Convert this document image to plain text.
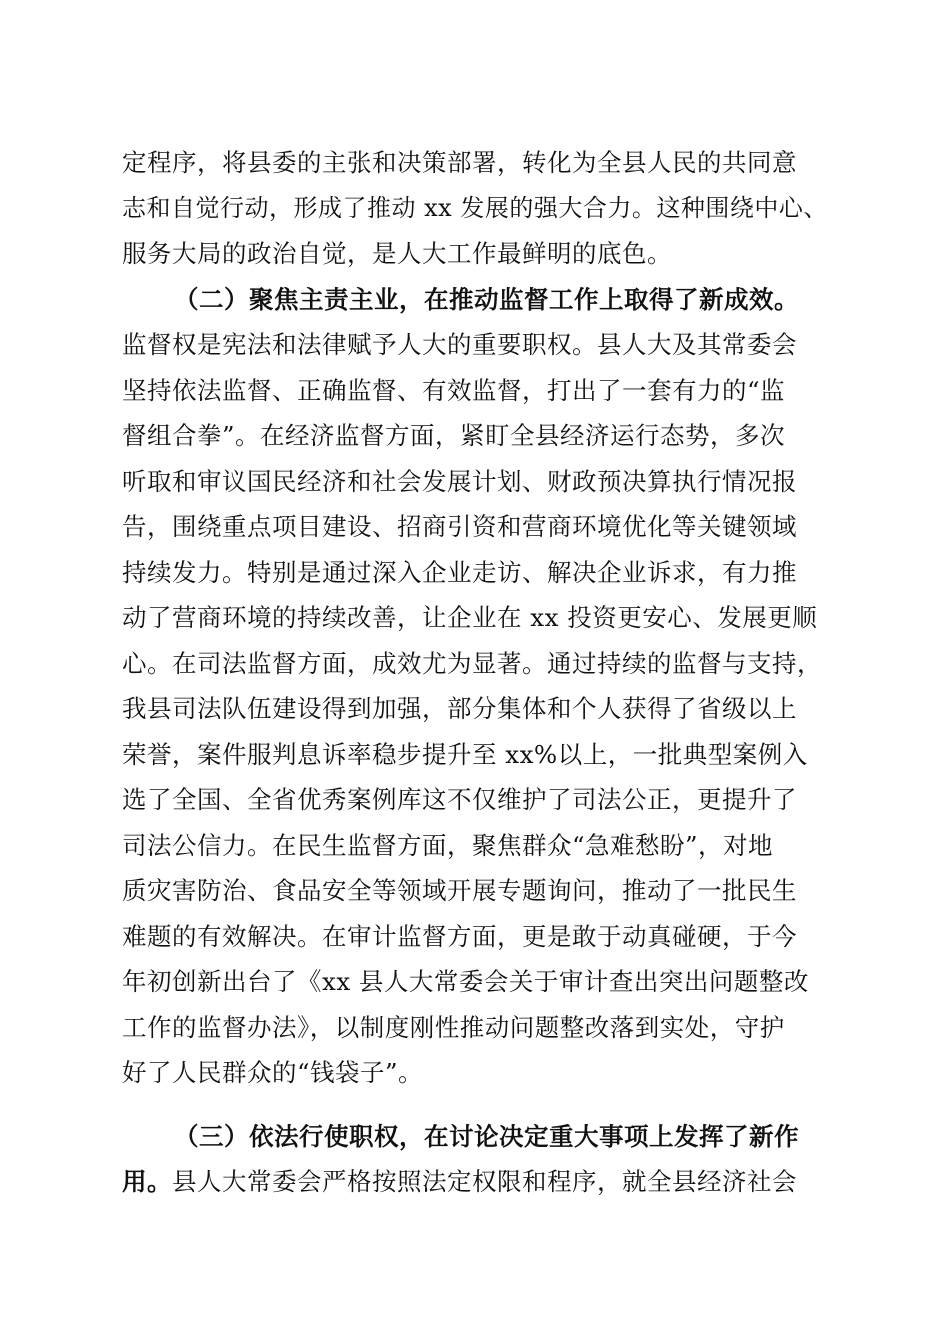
定程序，将县委的主张和决策部署，转化为全县人民的共同意
志和自觉行动，形成了推动 xx 发展的强大合力。这种围绕中心、
服务大局的政治自觉，是人大工作最鲜明的底色。
（二）聚焦主责主业，在推动监督工作上取得了新成效。
监督权是宪法和法律赋予人大的重要职权。县人大及其常委会
坚持依法监督、正确监督、有效监督，打出了一套有力的“监
督组合拳”。在经济监督方面，紧盯全县经济运行态势，多次
听取和审议国民经济和社会发展计划、财政预决算执行情况报
告，围绕重点项目建设、招商引资和营商环境优化等关键领域
持续发力。特别是通过深入企业走访、解决企业诉求，有力推
动了营商环境的持续改善，让企业在 xx 投资更安心、发展更顺
心。在司法监督方面，成效尤为显著。通过持续的监督与支持，
我县司法队伍建设得到加强，部分集体和个人获得了省级以上
荣誉，案件服判息诉率稳步提升至 xx%以上，一批典型案例入
选了全国、全省优秀案例库这不仅维护了司法公正，更提升了
司法公信力。在民生监督方面，聚焦群众“急难愁盼”，对地
质灾害防治、食品安全等领域开展专题询问，推动了一批民生
难题的有效解决。在审计监督方面，更是敢于动真碰硬，于今
年初创新出台了《xx 县人大常委会关于审计查出突出问题整改
工作的监督办法》，以制度刚性推动问题整改落到实处，守护
好了人民群众的“钱袋子”。
（三）依法行使职权，在讨论决定重大事项上发挥了新作
用。县人大常委会严格按照法定权限和程序，就全县经济社会
